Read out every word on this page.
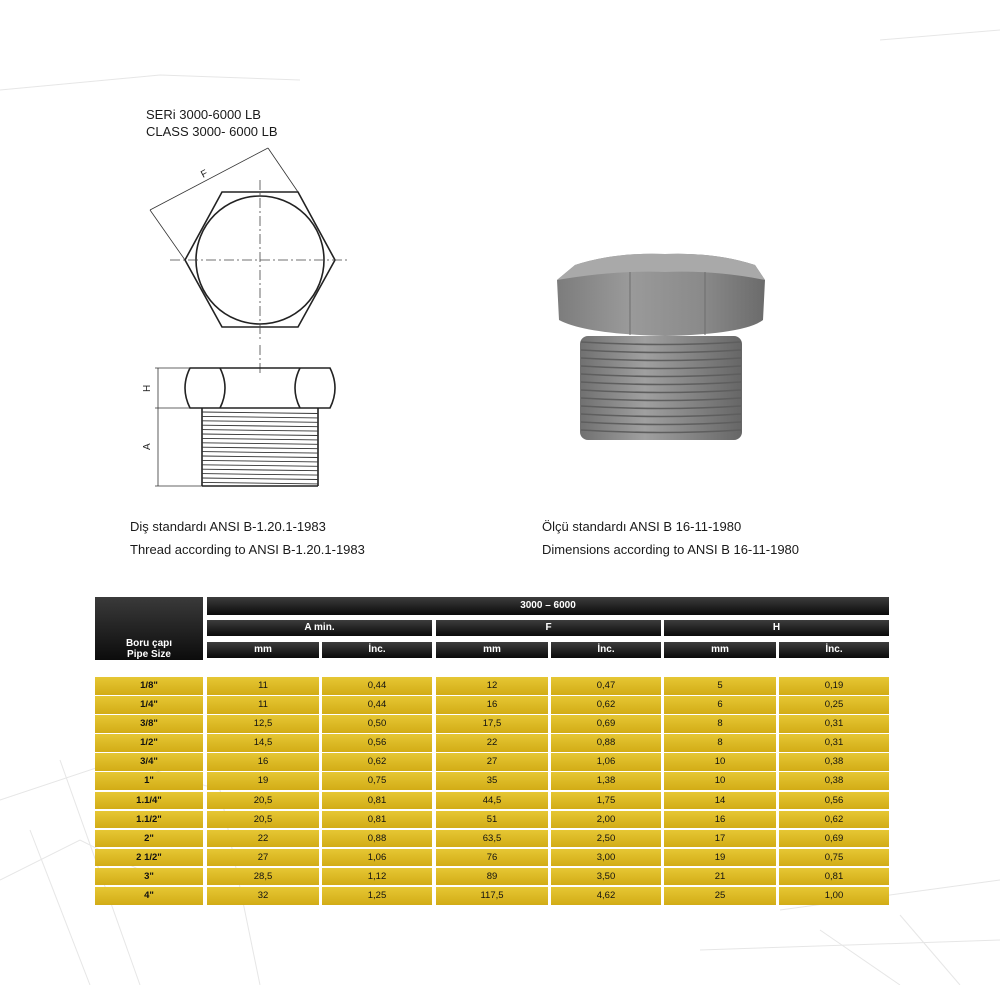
SERi 3000-6000 LB
CLASS 3000- 6000 LB
F
H
A
Diş standardı ANSI B-1.20.1-1983
Thread according to ANSI B-1.20.1-1983
Ölçü standardı ANSI B 16-11-1980
Dimensions according to ANSI B 16-11-1980
Boru çapı
Pipe Size
3000 – 6000
A min.	F	H
mm	İnc.	mm	İnc.	mm	İnc.
1/8"	11	0,44	12	0,47	5	0,19
1/4"	11	0,44	16	0,62	6	0,25
3/8"	12,5	0,50	17,5	0,69	8	0,31
1/2"	14,5	0,56	22	0,88	8	0,31
3/4"	16	0,62	27	1,06	10	0,38
1"	19	0,75	35	1,38	10	0,38
1.1/4"	20,5	0,81	44,5	1,75	14	0,56
1.1/2"	20,5	0,81	51	2,00	16	0,62
2"	22	0,88	63,5	2,50	17	0,69
2 1/2"	27	1,06	76	3,00	19	0,75
3"	28,5	1,12	89	3,50	21	0,81
4"	32	1,25	117,5	4,62	25	1,00
